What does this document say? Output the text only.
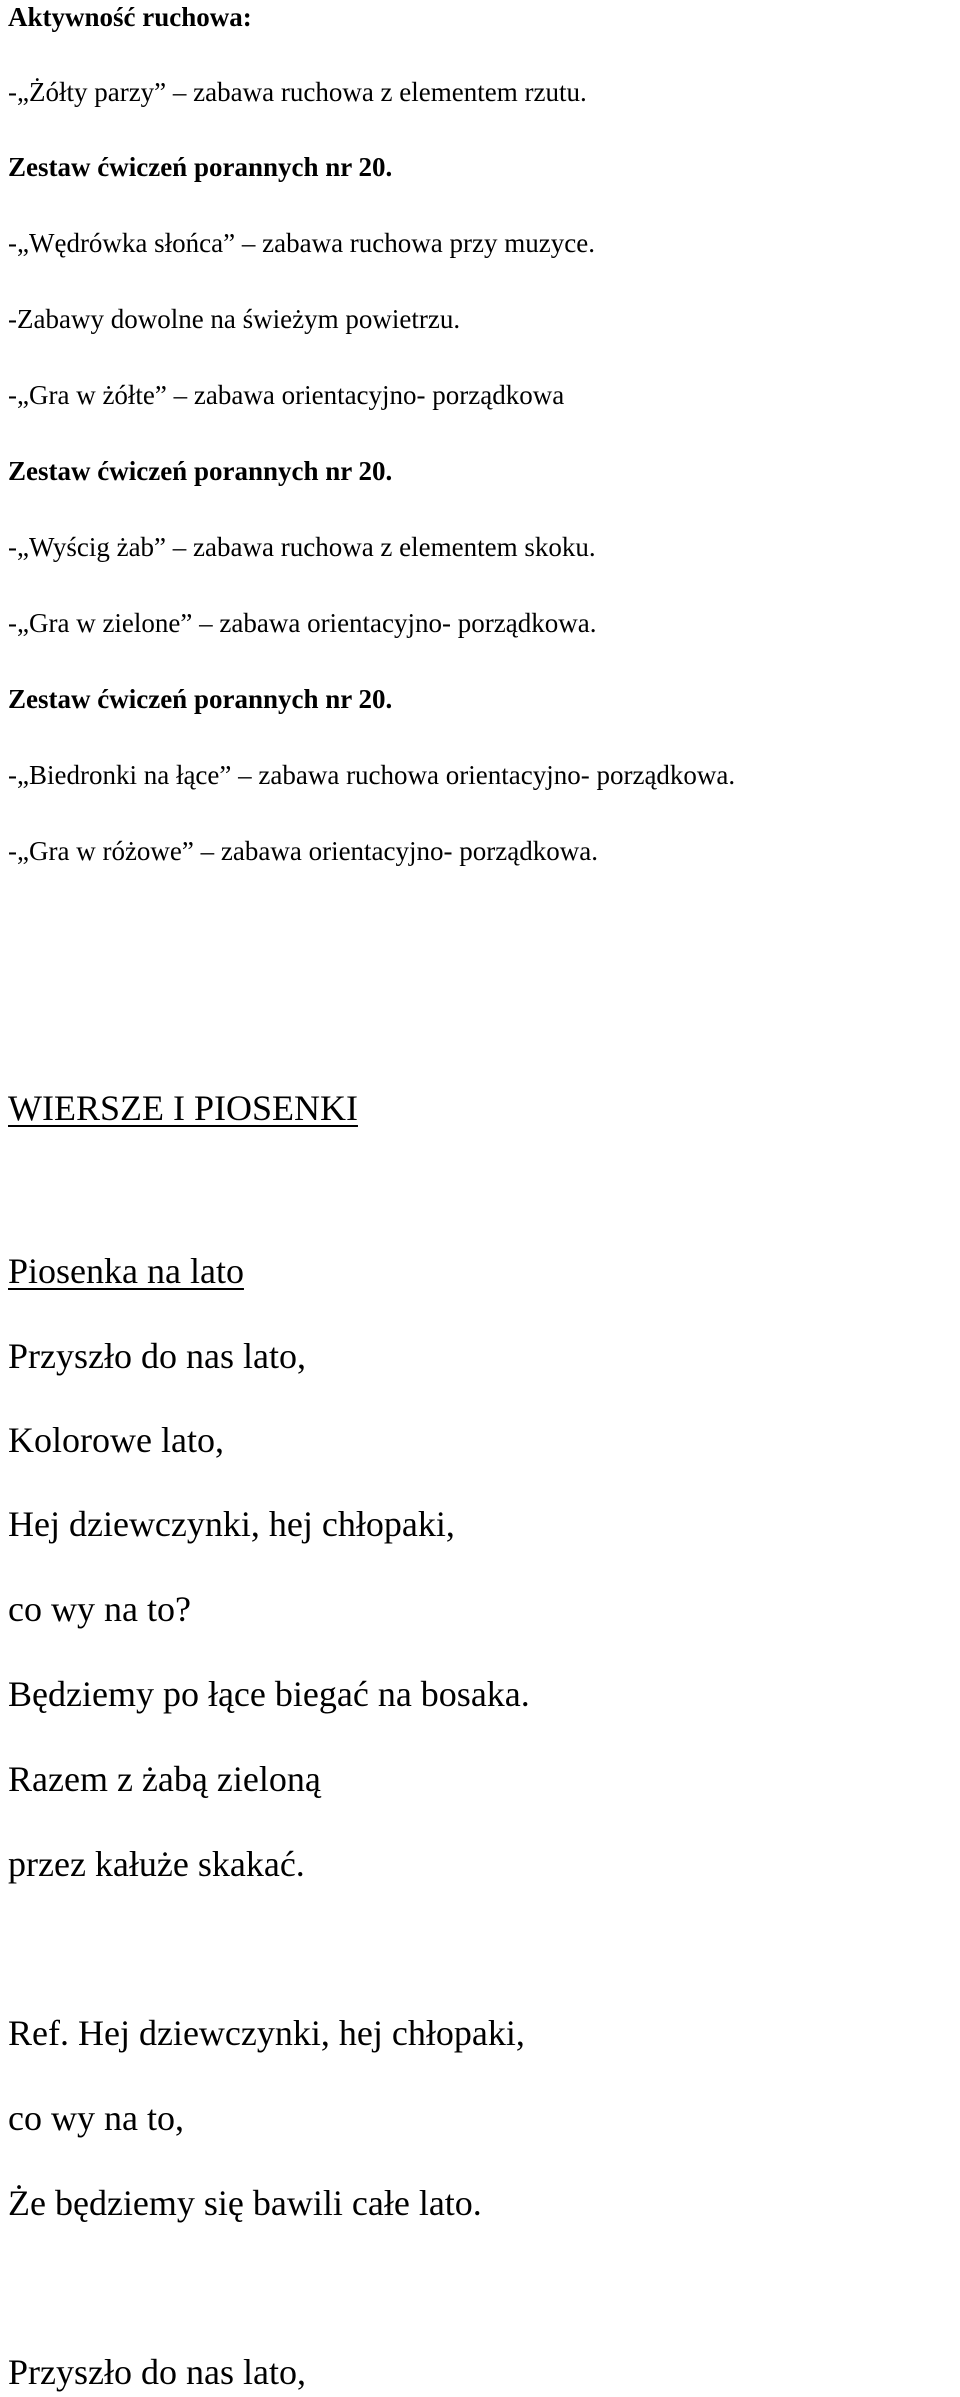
Aktywność ruchowa:
-„Żółty parzy” – zabawa ruchowa z elementem rzutu.
Zestaw ćwiczeń porannych nr 20.
-„Wędrówka słońca” – zabawa ruchowa przy muzyce.
-Zabawy dowolne na świeżym powietrzu.
-„Gra w żółte” – zabawa orientacyjno- porządkowa
Zestaw ćwiczeń porannych nr 20.
-„Wyścig żab” – zabawa ruchowa z elementem skoku.
-„Gra w zielone” – zabawa orientacyjno- porządkowa.
Zestaw ćwiczeń porannych nr 20.
-„Biedronki na łące” – zabawa ruchowa orientacyjno- porządkowa.
-„Gra w różowe” – zabawa orientacyjno- porządkowa.
WIERSZE I PIOSENKI
Piosenka na lato
Przyszło do nas lato,
Kolorowe lato,
Hej dziewczynki, hej chłopaki,
co wy na to?
Będziemy po łące biegać na bosaka.
Razem z żabą zieloną
przez kałuże skakać.
Ref. Hej dziewczynki, hej chłopaki,
co wy na to,
Że będziemy się bawili całe lato.
Przyszło do nas lato,
